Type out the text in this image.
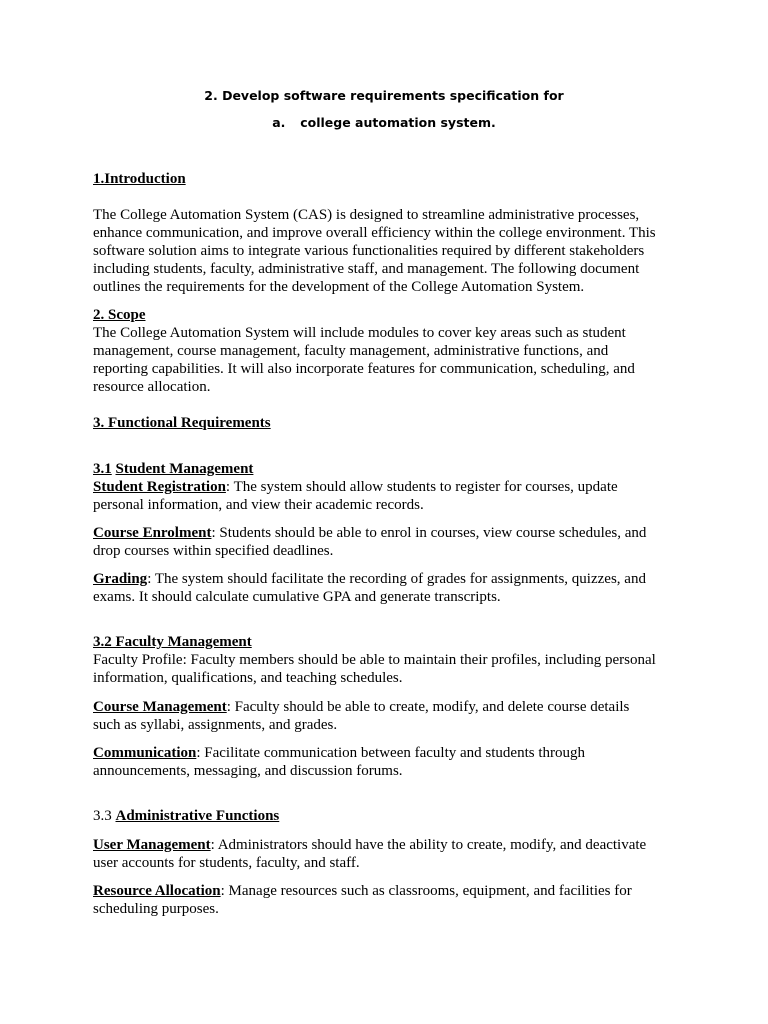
2. Develop software requirements specification for
a. college automation system.
1.Introduction
The College Automation System (CAS) is designed to streamline administrative processes,
enhance communication, and improve overall efficiency within the college environment. This
software solution aims to integrate various functionalities required by different stakeholders
including students, faculty, administrative staff, and management. The following document
outlines the requirements for the development of the College Automation System.
2. Scope
The College Automation System will include modules to cover key areas such as student
management, course management, faculty management, administrative functions, and
reporting capabilities. It will also incorporate features for communication, scheduling, and
resource allocation.
3. Functional Requirements
3.1 Student Management
Student Registration: The system should allow students to register for courses, update
personal information, and view their academic records.
Course Enrolment: Students should be able to enrol in courses, view course schedules, and
drop courses within specified deadlines.
Grading: The system should facilitate the recording of grades for assignments, quizzes, and
exams. It should calculate cumulative GPA and generate transcripts.
3.2 Faculty Management
Faculty Profile: Faculty members should be able to maintain their profiles, including personal
information, qualifications, and teaching schedules.
Course Management: Faculty should be able to create, modify, and delete course details
such as syllabi, assignments, and grades.
Communication: Facilitate communication between faculty and students through
announcements, messaging, and discussion forums.
3.3 Administrative Functions
User Management: Administrators should have the ability to create, modify, and deactivate
user accounts for students, faculty, and staff.
Resource Allocation: Manage resources such as classrooms, equipment, and facilities for
scheduling purposes.
